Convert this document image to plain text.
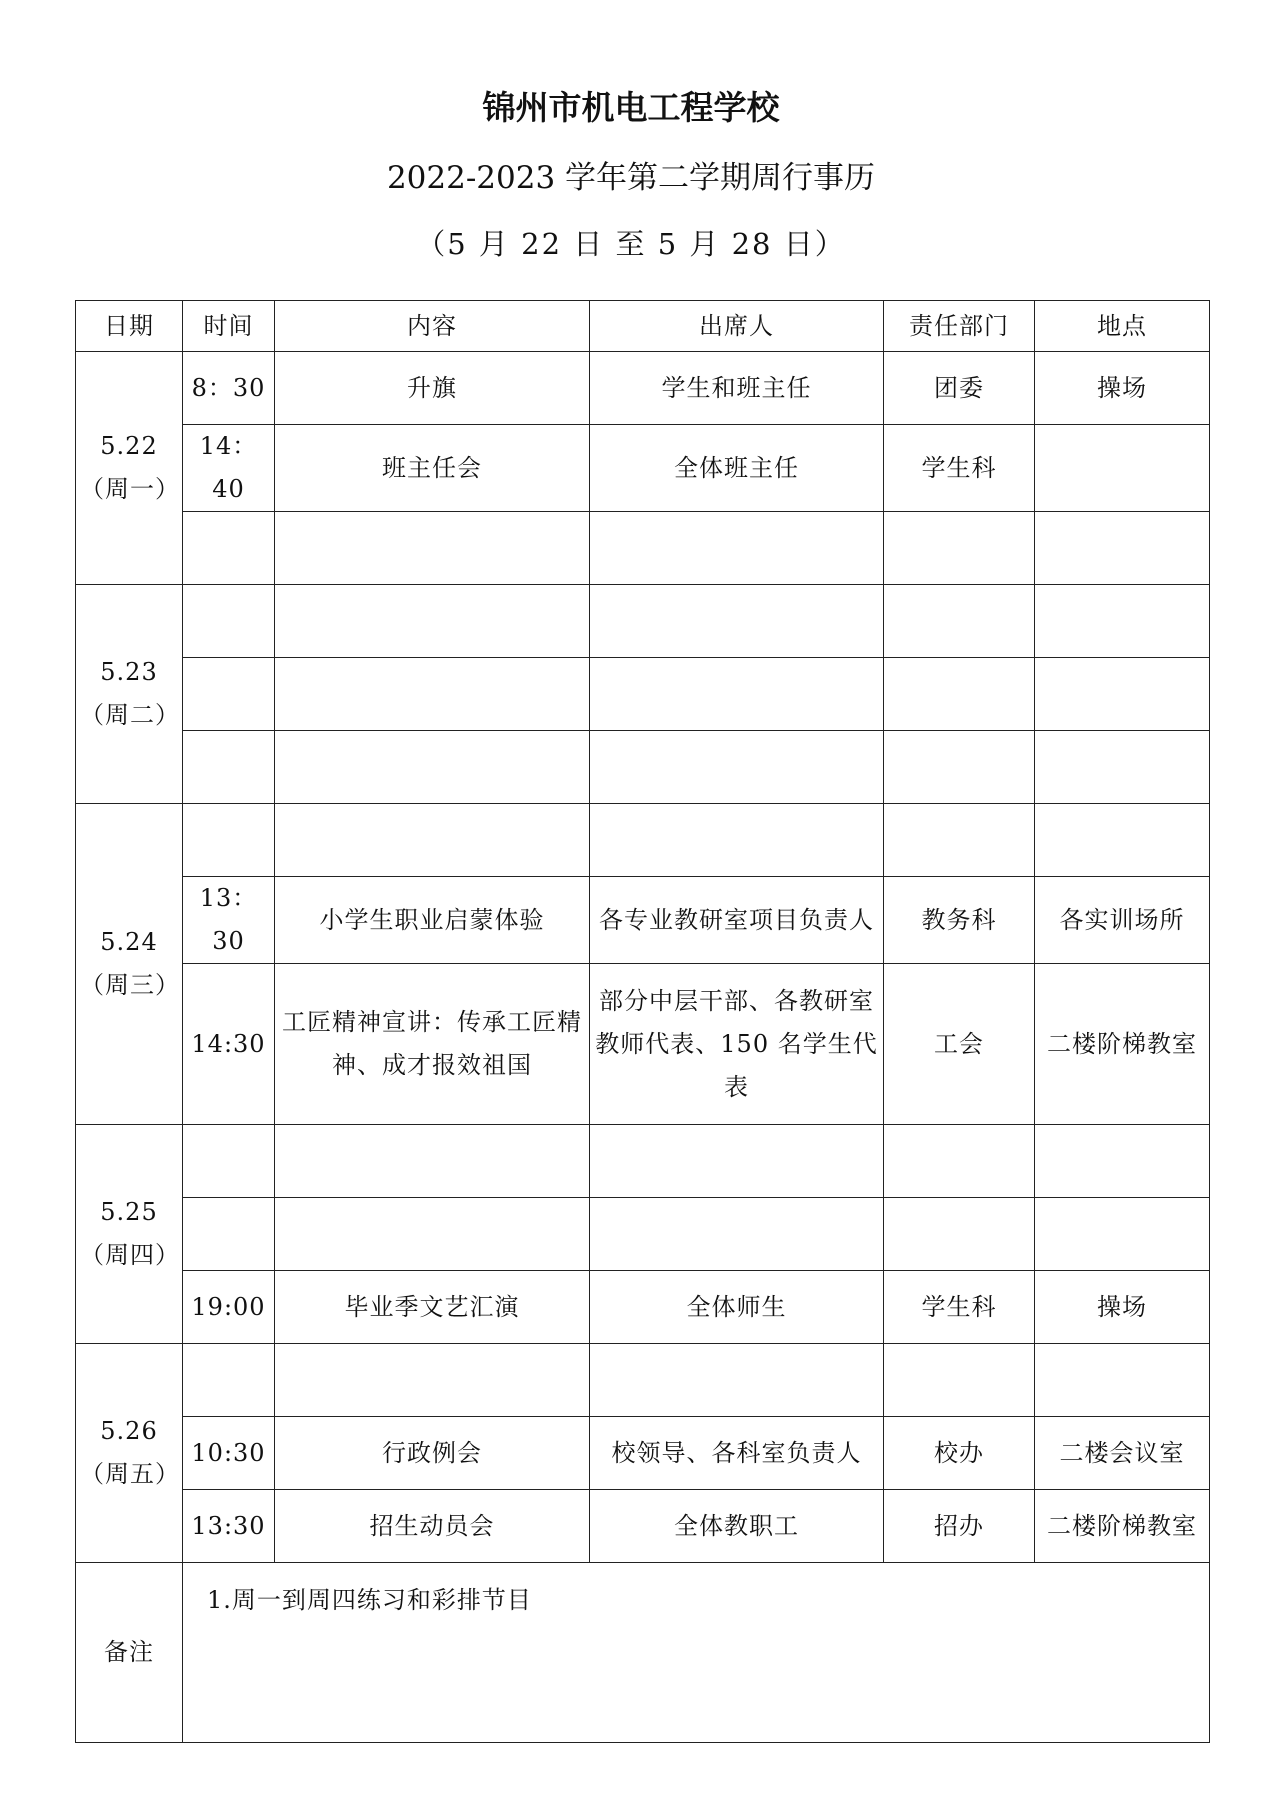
锦州市机电工程学校
2022-2023 学年第二学期周行事历
（5 月 22 日 至 5 月 28 日）
日期	时间	内容	出席人	责任部门	地点

5.22
（周一）	8：30	升旗	学生和班主任	团委	操场
	14：40	班主任会	全体班主任	学生科	

5.23
（周二）					

5.24
（周三）					

	13：30	小学生职业启蒙体验	各专业教研室项目负责人	教务科	各实训场所
	14:30	工匠精神宣讲：传承工匠精神、成才报效祖国	部分中层干部、各教研室教师代表、150 名学生代表	工会	二楼阶梯教室

5.25
（周四）					

	19:00	毕业季文艺汇演	全体师生	学生科	操场

5.26
（周五）					

	10:30	行政例会	校领导、各科室负责人	校办	二楼会议室
	13:30	招生动员会	全体教职工	招办	二楼阶梯教室
备注	1.周一到周四练习和彩排节目				
